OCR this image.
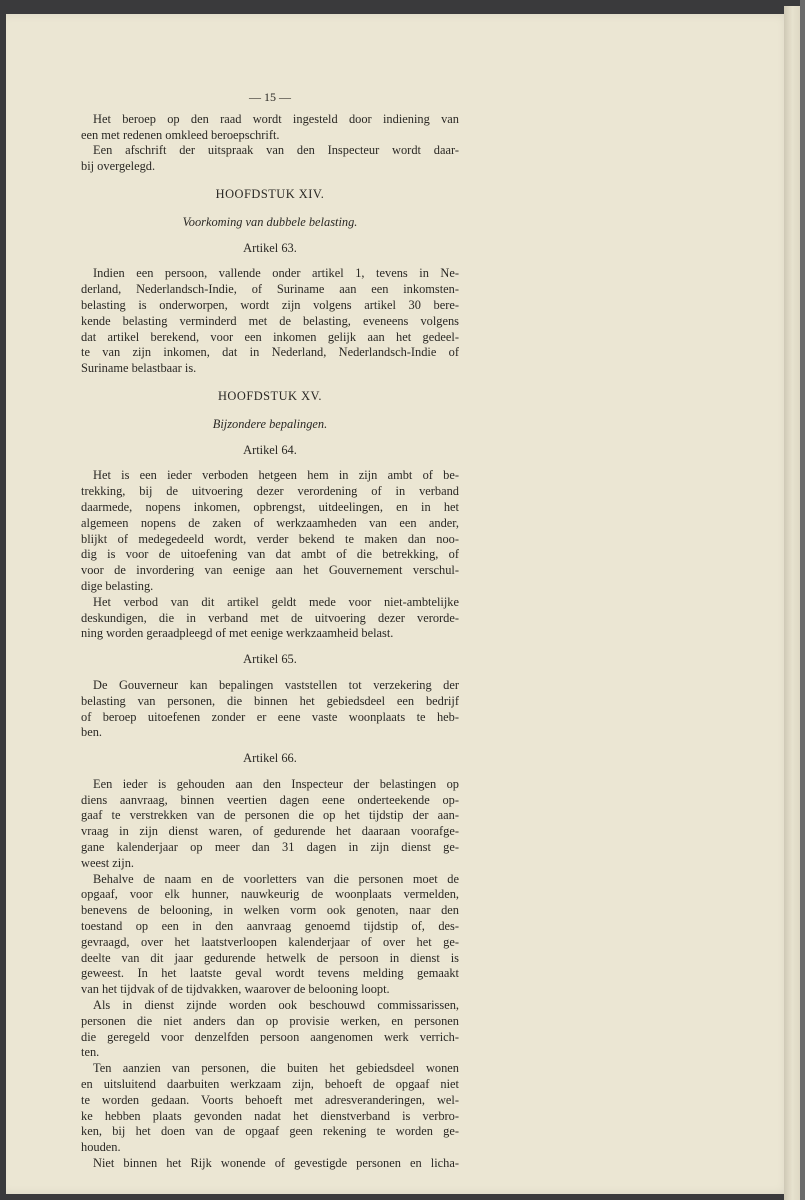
— 15 —
Het beroep op den raad wordt ingesteld door indiening van
een met redenen omkleed beroepschrift.
Een afschrift der uitspraak van den Inspecteur wordt daar-
bij overgelegd.
HOOFDSTUK XIV.
Voorkoming van dubbele belasting.
Artikel 63.
Indien een persoon, vallende onder artikel 1, tevens in Ne-
derland, Nederlandsch-Indie, of Suriname aan een inkomsten-
belasting is onderworpen, wordt zijn volgens artikel 30 bere-
kende belasting verminderd met de belasting, eveneens volgens
dat artikel berekend, voor een inkomen gelijk aan het gedeel-
te van zijn inkomen, dat in Nederland, Nederlandsch-Indie of
Suriname belastbaar is.
HOOFDSTUK XV.
Bijzondere bepalingen.
Artikel 64.
Het is een ieder verboden hetgeen hem in zijn ambt of be-
trekking, bij de uitvoering dezer verordening of in verband
daarmede, nopens inkomen, opbrengst, uitdeelingen, en in het
algemeen nopens de zaken of werkzaamheden van een ander,
blijkt of medegedeeld wordt, verder bekend te maken dan noo-
dig is voor de uitoefening van dat ambt of die betrekking, of
voor de invordering van eenige aan het Gouvernement verschul-
dige belasting.
Het verbod van dit artikel geldt mede voor niet-ambtelijke
deskundigen, die in verband met de uitvoering dezer verorde-
ning worden geraadpleegd of met eenige werkzaamheid belast.
Artikel 65.
De Gouverneur kan bepalingen vaststellen tot verzekering der
belasting van personen, die binnen het gebiedsdeel een bedrijf
of beroep uitoefenen zonder er eene vaste woonplaats te heb-
ben.
Artikel 66.
Een ieder is gehouden aan den Inspecteur der belastingen op
diens aanvraag, binnen veertien dagen eene onderteekende op-
gaaf te verstrekken van de personen die op het tijdstip der aan-
vraag in zijn dienst waren, of gedurende het daaraan voorafge-
gane kalenderjaar op meer dan 31 dagen in zijn dienst ge-
weest zijn.
Behalve de naam en de voorletters van die personen moet de
opgaaf, voor elk hunner, nauwkeurig de woonplaats vermelden,
benevens de belooning, in welken vorm ook genoten, naar den
toestand op een in den aanvraag genoemd tijdstip of, des-
gevraagd, over het laatstverloopen kalenderjaar of over het ge-
deelte van dit jaar gedurende hetwelk de persoon in dienst is
geweest. In het laatste geval wordt tevens melding gemaakt
van het tijdvak of de tijdvakken, waarover de belooning loopt.
Als in dienst zijnde worden ook beschouwd commissarissen,
personen die niet anders dan op provisie werken, en personen
die geregeld voor denzelfden persoon aangenomen werk verrich-
ten.
Ten aanzien van personen, die buiten het gebiedsdeel wonen
en uitsluitend daarbuiten werkzaam zijn, behoeft de opgaaf niet
te worden gedaan. Voorts behoeft met adresveranderingen, wel-
ke hebben plaats gevonden nadat het dienstverband is verbro-
ken, bij het doen van de opgaaf geen rekening te worden ge-
houden.
Niet binnen het Rijk wonende of gevestigde personen en licha-
